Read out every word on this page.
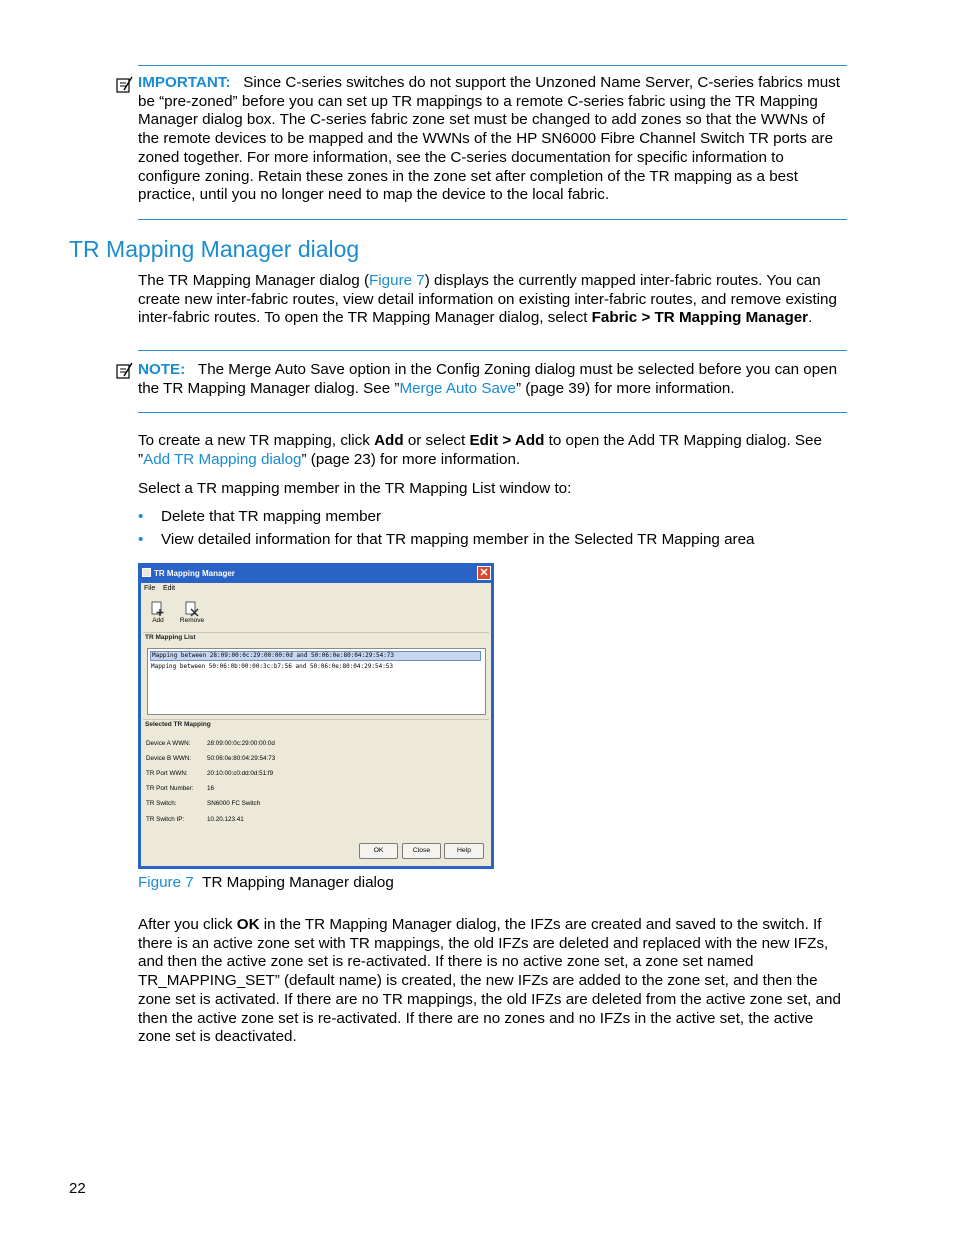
IMPORTANT: Since C-series switches do not support the Unzoned Name Server, C-series fabrics must be “pre-zoned” before you can set up TR mappings to a remote C-series fabric using the TR Mapping Manager dialog box. The C-series fabric zone set must be changed to add zones so that the WWNs of the remote devices to be mapped and the WWNs of the HP SN6000 Fibre Channel Switch TR ports are zoned together. For more information, see the C-series documentation for specific information to configure zoning. Retain these zones in the zone set after completion of the TR mapping as a best practice, until you no longer need to map the device to the local fabric.
TR Mapping Manager dialog
The TR Mapping Manager dialog (Figure 7) displays the currently mapped inter-fabric routes. You can create new inter-fabric routes, view detail information on existing inter-fabric routes, and remove existing inter-fabric routes. To open the TR Mapping Manager dialog, select Fabric > TR Mapping Manager.
NOTE: The Merge Auto Save option in the Config Zoning dialog must be selected before you can open the TR Mapping Manager dialog. See ”Merge Auto Save” (page 39) for more information.
To create a new TR mapping, click Add or select Edit > Add to open the Add TR Mapping dialog. See ”Add TR Mapping dialog” (page 23) for more information.
Select a TR mapping member in the TR Mapping List window to:
• Delete that TR mapping member
• View detailed information for that TR mapping member in the Selected TR Mapping area
TR Mapping Manager	✕
File Edit
Add	Remove
TR Mapping List
Mapping between 28:09:00:0c:29:00:00:0d and 50:06:0e:80:04:29:54:73
Mapping between 50:06:0b:00:00:3c:b7:56 and 50:06:0e:80:04:29:54:53
Selected TR Mapping
Device A WWN:	28:09:00:0c:29:00:00:0d
Device B WWN:	50:06:0e:80:04:29:54:73
TR Port WWN:	20:10:00:c0:dd:0d:51:f9
TR Port Number: 16
TR Switch:	SN6000 FC Switch
TR Switch IP:	10.20.123.41
OK	Close	Help
Figure 7 TR Mapping Manager dialog
After you click OK in the TR Mapping Manager dialog, the IFZs are created and saved to the switch. If there is an active zone set with TR mappings, the old IFZs are deleted and replaced with the new IFZs, and then the active zone set is re-activated. If there is no active zone set, a zone set named TR_MAPPING_SET” (default name) is created, the new IFZs are added to the zone set, and then the zone set is activated. If there are no TR mappings, the old IFZs are deleted from the active zone set, and then the active zone set is re-activated. If there are no zones and no IFZs in the active set, the active zone set is deactivated.
22
